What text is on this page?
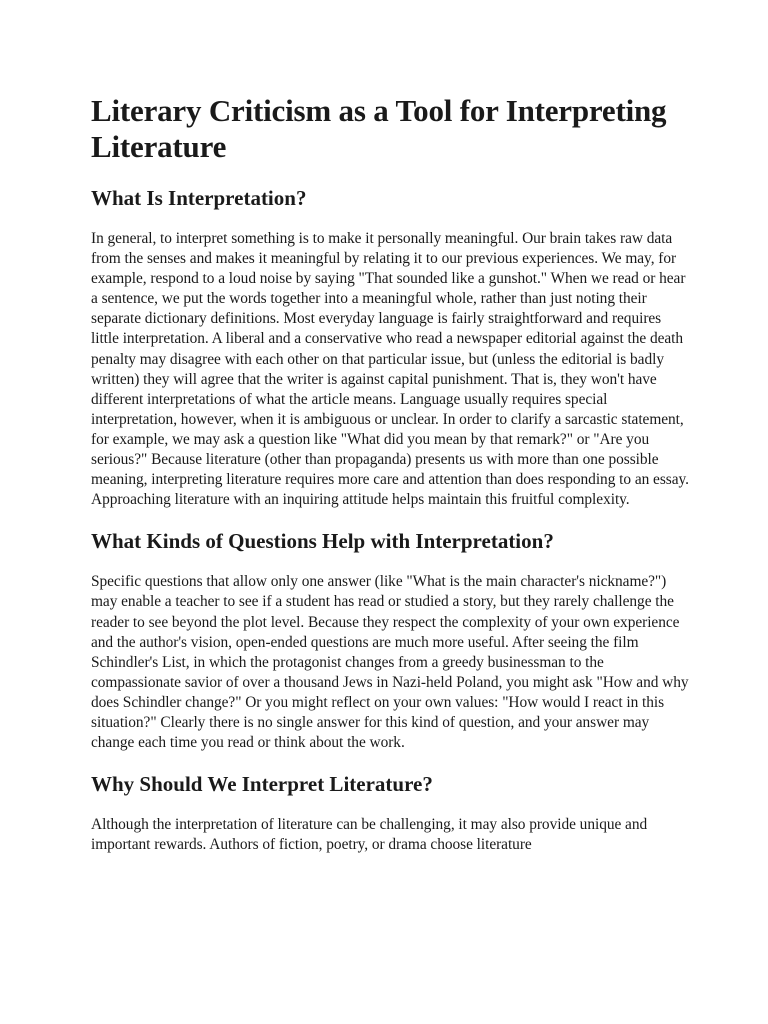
Literary Criticism as a Tool for Interpreting Literature
What Is Interpretation?

In general, to interpret something is to make it personally meaningful. Our brain takes raw data from the senses and makes it meaningful by relating it to our previous experiences. We may, for example, respond to a loud noise by saying "That sounded like a gunshot." When we read or hear a sentence, we put the words together into a meaningful whole, rather than just noting their separate dictionary definitions. Most everyday language is fairly straightforward and requires little interpretation. A liberal and a conservative who read a newspaper editorial against the death penalty may disagree with each other on that particular issue, but (unless the editorial is badly written) they will agree that the writer is against capital punishment. That is, they won't have different interpretations of what the article means. Language usually requires special interpretation, however, when it is ambiguous or unclear. In order to clarify a sarcastic statement, for example, we may ask a question like "What did you mean by that remark?" or "Are you serious?" Because literature (other than propaganda) presents us with more than one possible meaning, interpreting literature requires more care and attention than does responding to an essay. Approaching literature with an inquiring attitude helps maintain this fruitful complexity.

What Kinds of Questions Help with Interpretation?

Specific questions that allow only one answer (like "What is the main character's nickname?") may enable a teacher to see if a student has read or studied a story, but they rarely challenge the reader to see beyond the plot level. Because they respect the complexity of your own experience and the author's vision, open-ended questions are much more useful. After seeing the film Schindler's List, in which the protagonist changes from a greedy businessman to the compassionate savior of over a thousand Jews in Nazi-held Poland, you might ask "How and why does Schindler change?" Or you might reflect on your own values: "How would I react in this situation?" Clearly there is no single answer for this kind of question, and your answer may change each time you read or think about the work.

Why Should We Interpret Literature?

Although the interpretation of literature can be challenging, it may also provide unique and important rewards. Authors of fiction, poetry, or drama choose literature
